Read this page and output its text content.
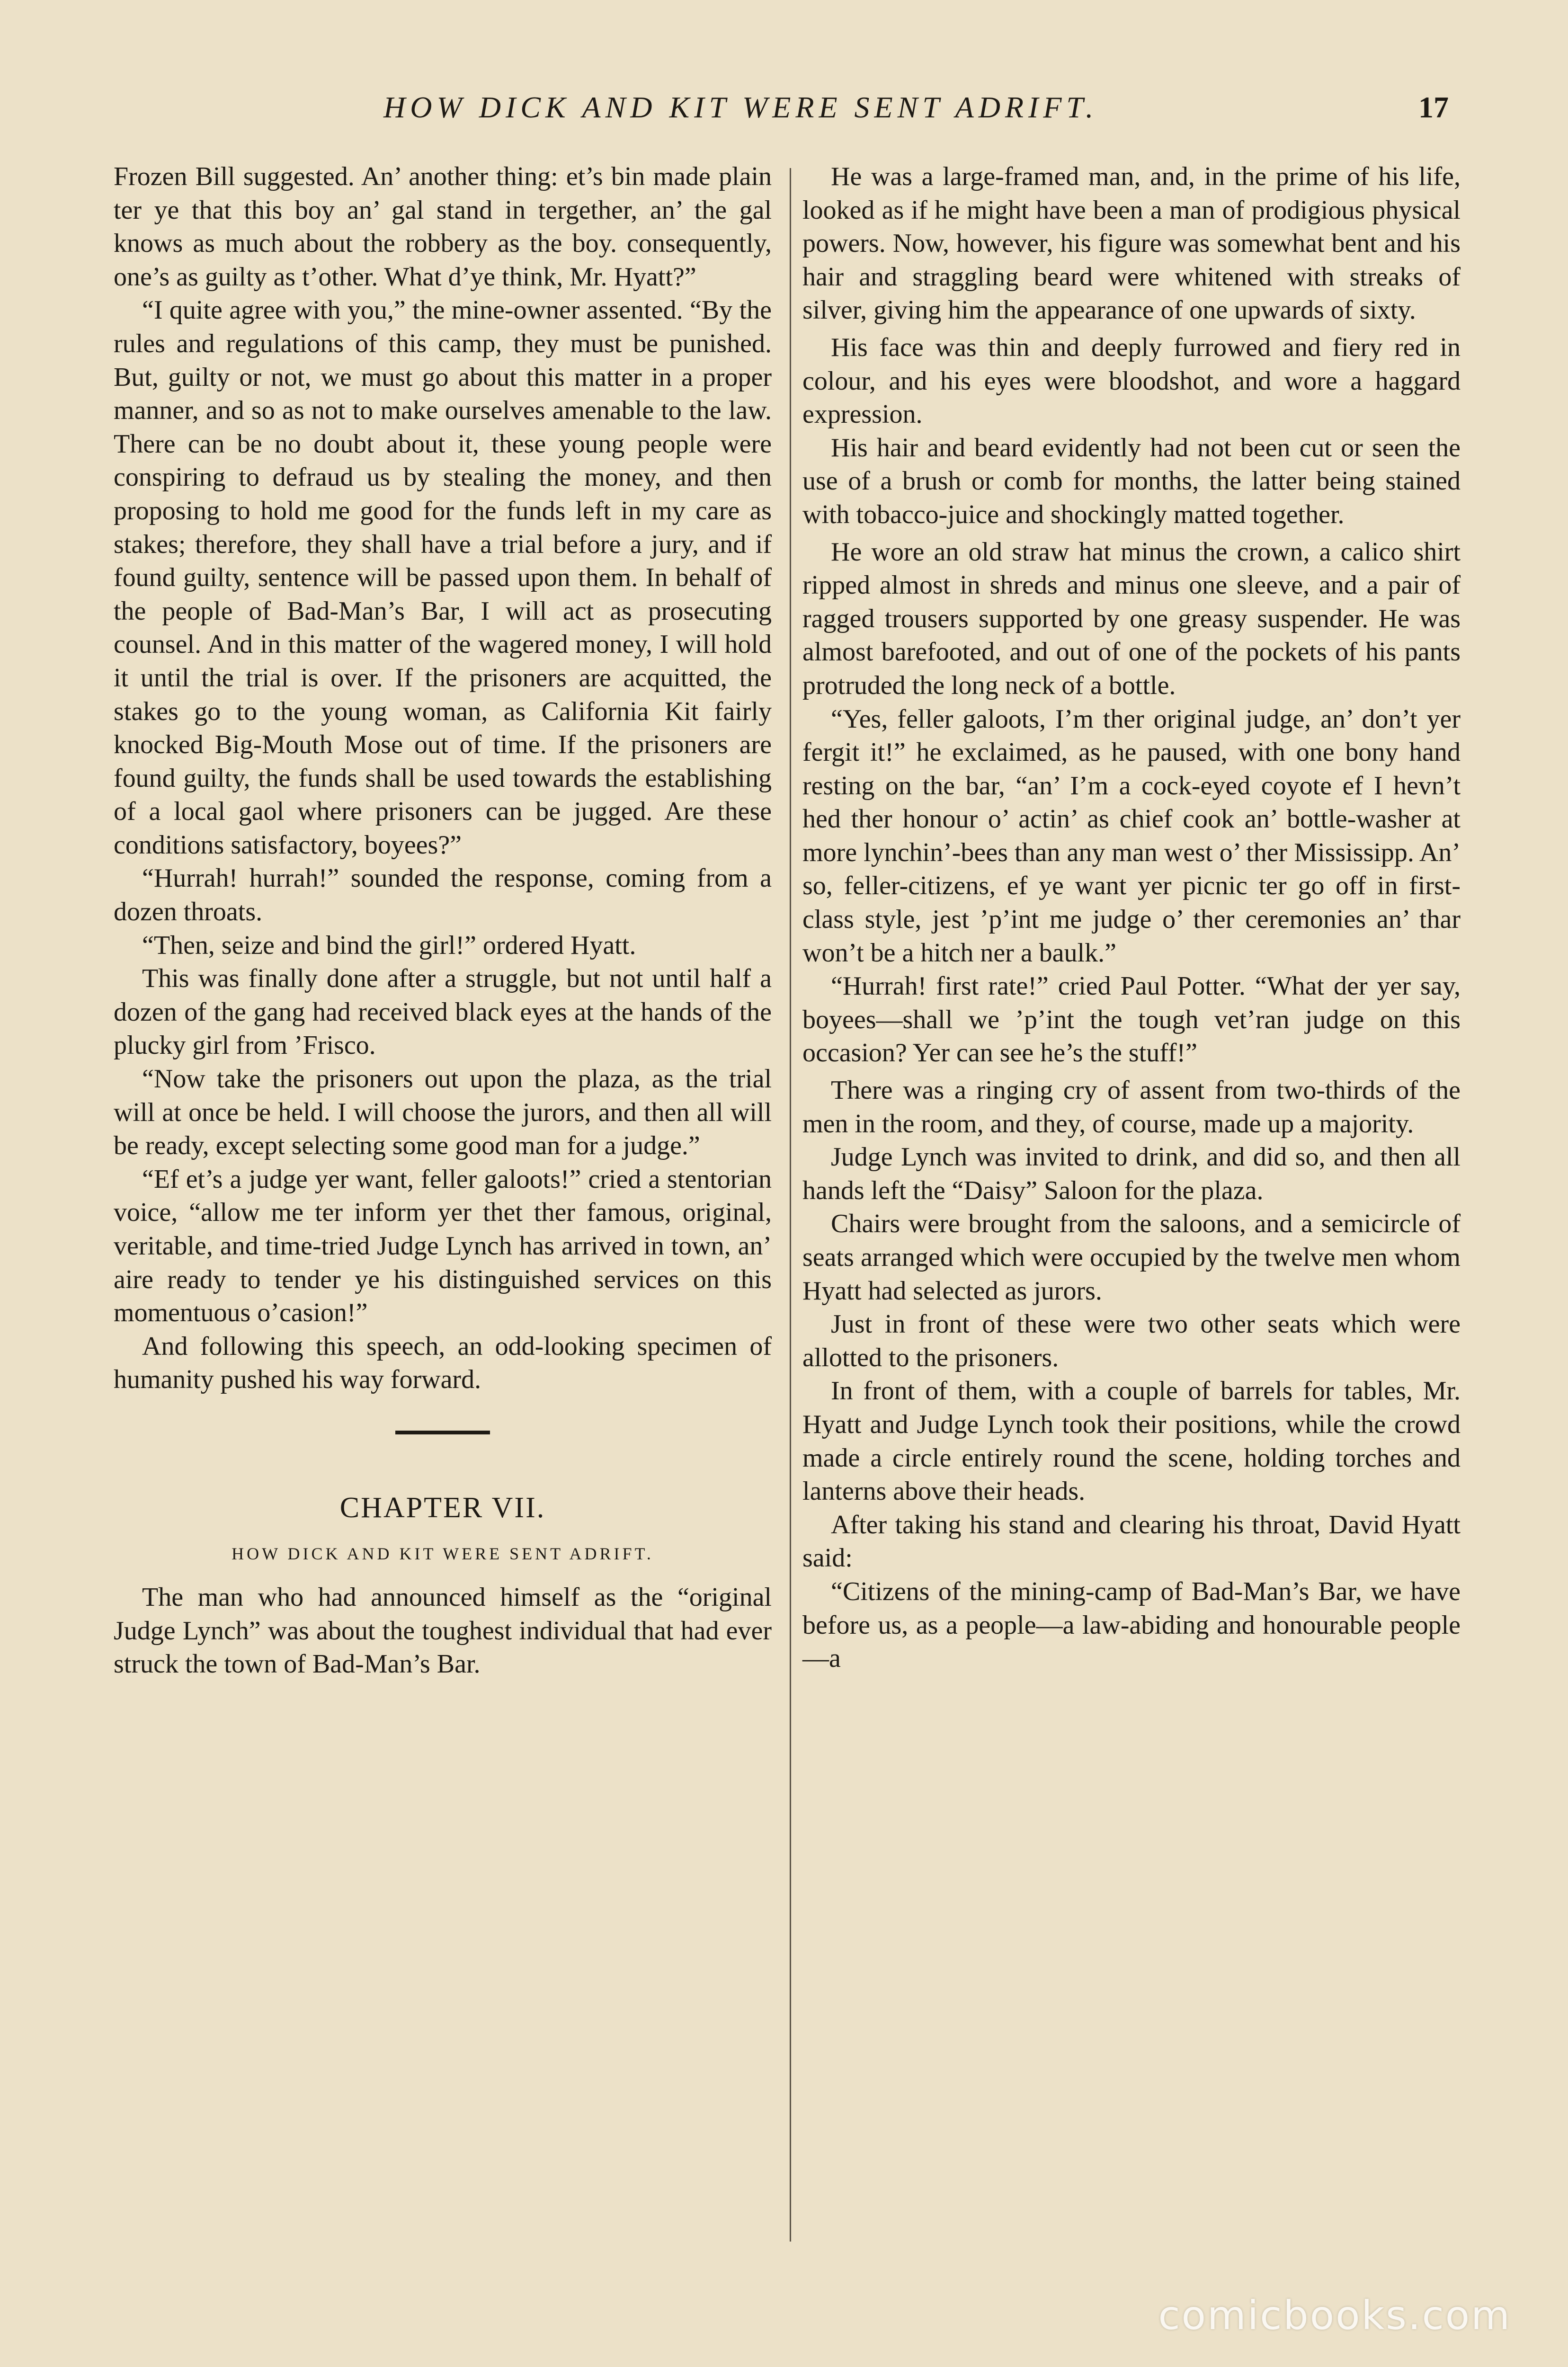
HOW DICK AND KIT WERE SENT ADRIFT.	17

Frozen Bill suggested. An’ another thing: et’s bin made plain ter ye that this boy an’ gal stand in tergether, an’ the gal knows as much about the robbery as the boy. consequently, one’s as guilty as t’other. What d’ye think, Mr. Hyatt?”

“I quite agree with you,” the mine-owner assented. “By the rules and regulations of this camp, they must be punished. But, guilty or not, we must go about this matter in a proper manner, and so as not to make ourselves amenable to the law. There can be no doubt about it, these young people were conspiring to defraud us by stealing the money, and then proposing to hold me good for the funds left in my care as stakes; therefore, they shall have a trial before a jury, and if found guilty, sentence will be passed upon them. In behalf of the people of Bad-Man’s Bar, I will act as prosecuting counsel. And in this matter of the wagered money, I will hold it until the trial is over. If the prisoners are acquitted, the stakes go to the young woman, as California Kit fairly knocked Big-Mouth Mose out of time. If the prisoners are found guilty, the funds shall be used towards the establishing of a local gaol where prisoners can be jugged. Are these conditions satisfactory, boyees?”

“Hurrah! hurrah!” sounded the response, coming from a dozen throats.

“Then, seize and bind the girl!” ordered Hyatt.

This was finally done after a struggle, but not until half a dozen of the gang had received black eyes at the hands of the plucky girl from ’Frisco.

“Now take the prisoners out upon the plaza, as the trial will at once be held. I will choose the jurors, and then all will be ready, except selecting some good man for a judge.”

“Ef et’s a judge yer want, feller galoots!” cried a stentorian voice, “allow me ter inform yer thet ther famous, original, veritable, and time-tried Judge Lynch has arrived in town, an’ aire ready to tender ye his distinguished services on this momentuous o’casion!”

And following this speech, an odd-looking specimen of humanity pushed his way forward.

CHAPTER VII.
HOW DICK AND KIT WERE SENT ADRIFT.

The man who had announced himself as the “original Judge Lynch” was about the toughest individual that had ever struck the town of Bad-Man’s Bar.

He was a large-framed man, and, in the prime of his life, looked as if he might have been a man of prodigious physical powers. Now, however, his figure was somewhat bent and his hair and straggling beard were whitened with streaks of silver, giving him the appearance of one upwards of sixty.

His face was thin and deeply furrowed and fiery red in colour, and his eyes were bloodshot, and wore a haggard expression.

His hair and beard evidently had not been cut or seen the use of a brush or comb for months, the latter being stained with tobacco-juice and shockingly matted together.

He wore an old straw hat minus the crown, a calico shirt ripped almost in shreds and minus one sleeve, and a pair of ragged trousers supported by one greasy suspender. He was almost barefooted, and out of one of the pockets of his pants protruded the long neck of a bottle.

“Yes, feller galoots, I’m ther original judge, an’ don’t yer fergit it!” he exclaimed, as he paused, with one bony hand resting on the bar, “an’ I’m a cock-eyed coyote ef I hevn’t hed ther honour o’ actin’ as chief cook an’ bottle-washer at more lynchin’-bees than any man west o’ ther Mississipp. An’ so, feller-citizens, ef ye want yer picnic ter go off in first-class style, jest ’p’int me judge o’ ther ceremonies an’ thar won’t be a hitch ner a baulk.”

“Hurrah! first rate!” cried Paul Potter. “What der yer say, boyees—shall we ’p’int the tough vet’ran judge on this occasion? Yer can see he’s the stuff!”

There was a ringing cry of assent from two-thirds of the men in the room, and they, of course, made up a majority.

Judge Lynch was invited to drink, and did so, and then all hands left the “Daisy” Saloon for the plaza.

Chairs were brought from the saloons, and a semicircle of seats arranged which were occupied by the twelve men whom Hyatt had selected as jurors.

Just in front of these were two other seats which were allotted to the prisoners.

In front of them, with a couple of barrels for tables, Mr. Hyatt and Judge Lynch took their positions, while the crowd made a circle entirely round the scene, holding torches and lanterns above their heads.

After taking his stand and clearing his throat, David Hyatt said:

“Citizens of the mining-camp of Bad-Man’s Bar, we have before us, as a people—a law-abiding and honourable people—a

comicbooks.com
